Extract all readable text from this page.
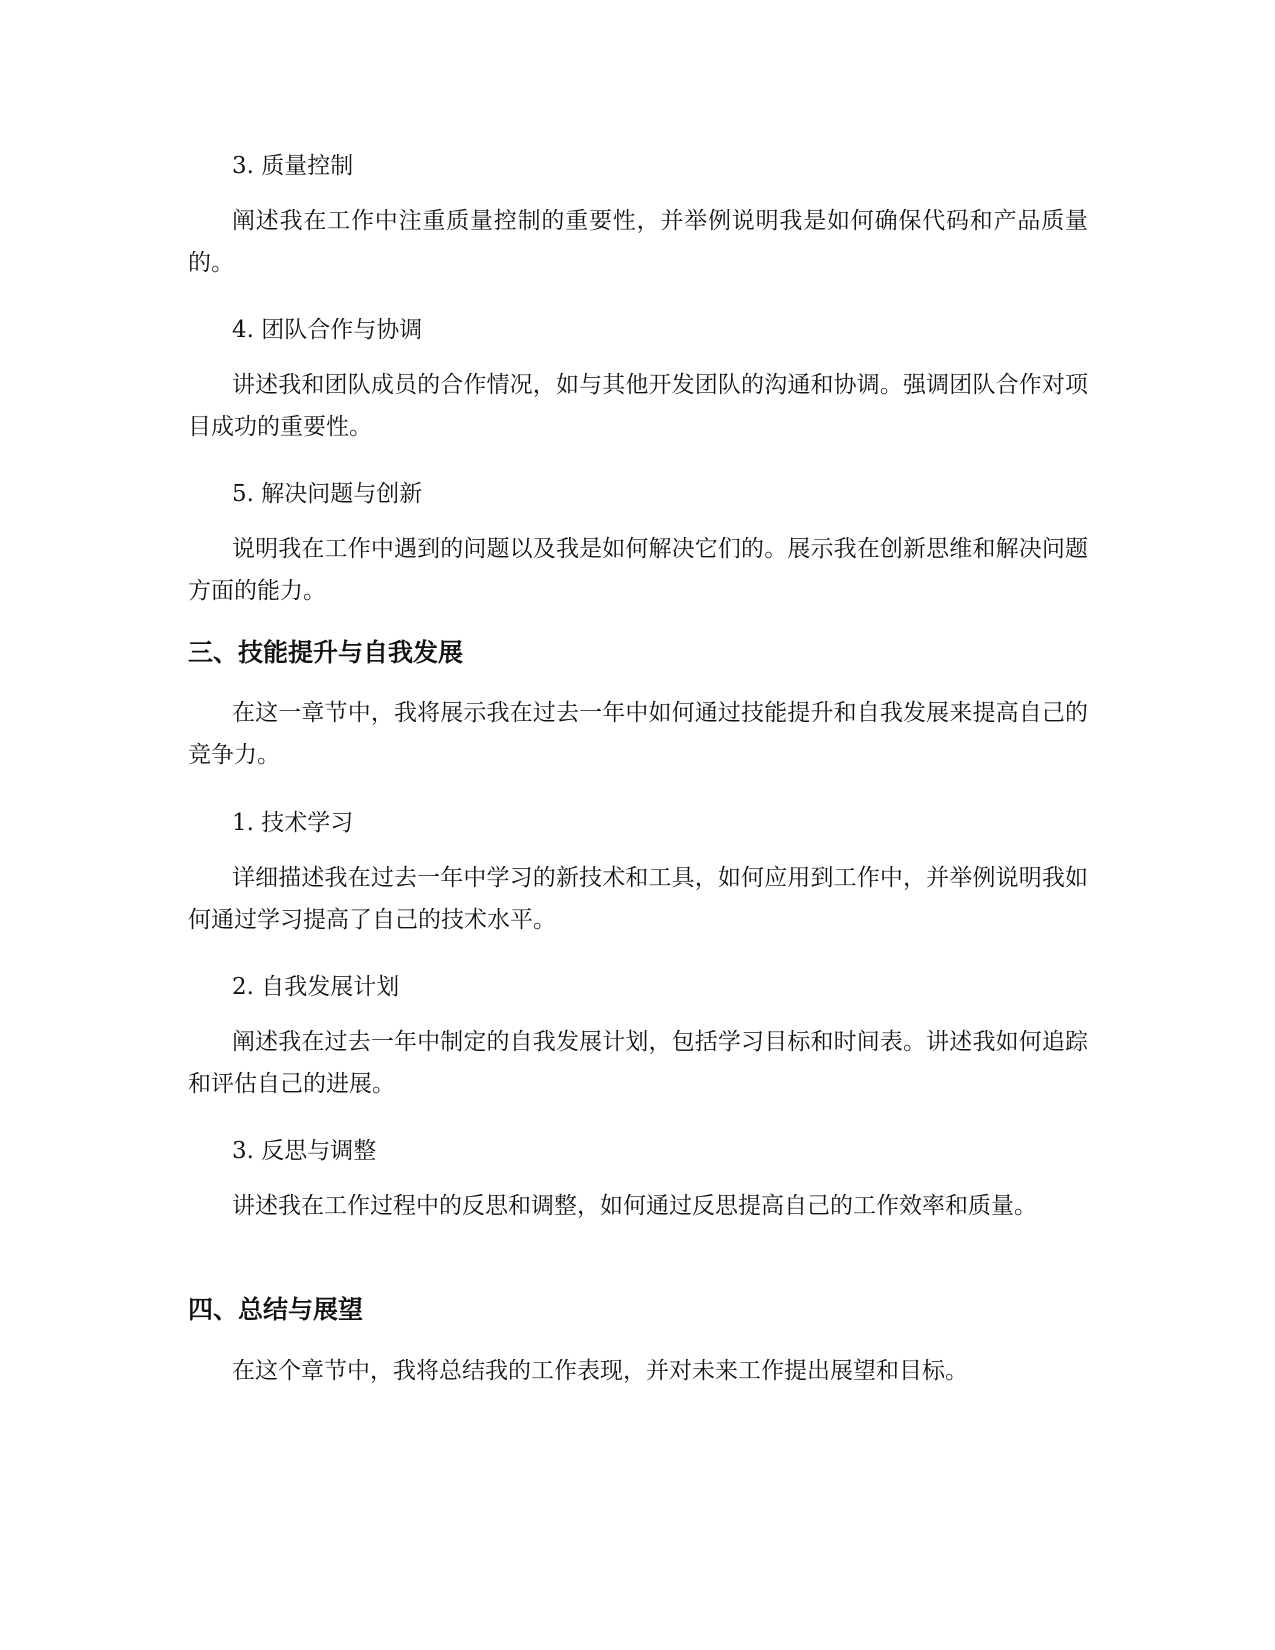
3. 质量控制

阐述我在工作中注重质量控制的重要性，并举例说明我是如何确保代码和产品质量的。

4. 团队合作与协调

讲述我和团队成员的合作情况，如与其他开发团队的沟通和协调。强调团队合作对项目成功的重要性。

5. 解决问题与创新

说明我在工作中遇到的问题以及我是如何解决它们的。展示我在创新思维和解决问题方面的能力。

三、技能提升与自我发展

在这一章节中，我将展示我在过去一年中如何通过技能提升和自我发展来提高自己的竞争力。

1. 技术学习

详细描述我在过去一年中学习的新技术和工具，如何应用到工作中，并举例说明我如何通过学习提高了自己的技术水平。

2. 自我发展计划

阐述我在过去一年中制定的自我发展计划，包括学习目标和时间表。讲述我如何追踪和评估自己的进展。

3. 反思与调整

讲述我在工作过程中的反思和调整，如何通过反思提高自己的工作效率和质量。

四、总结与展望

在这个章节中，我将总结我的工作表现，并对未来工作提出展望和目标。
